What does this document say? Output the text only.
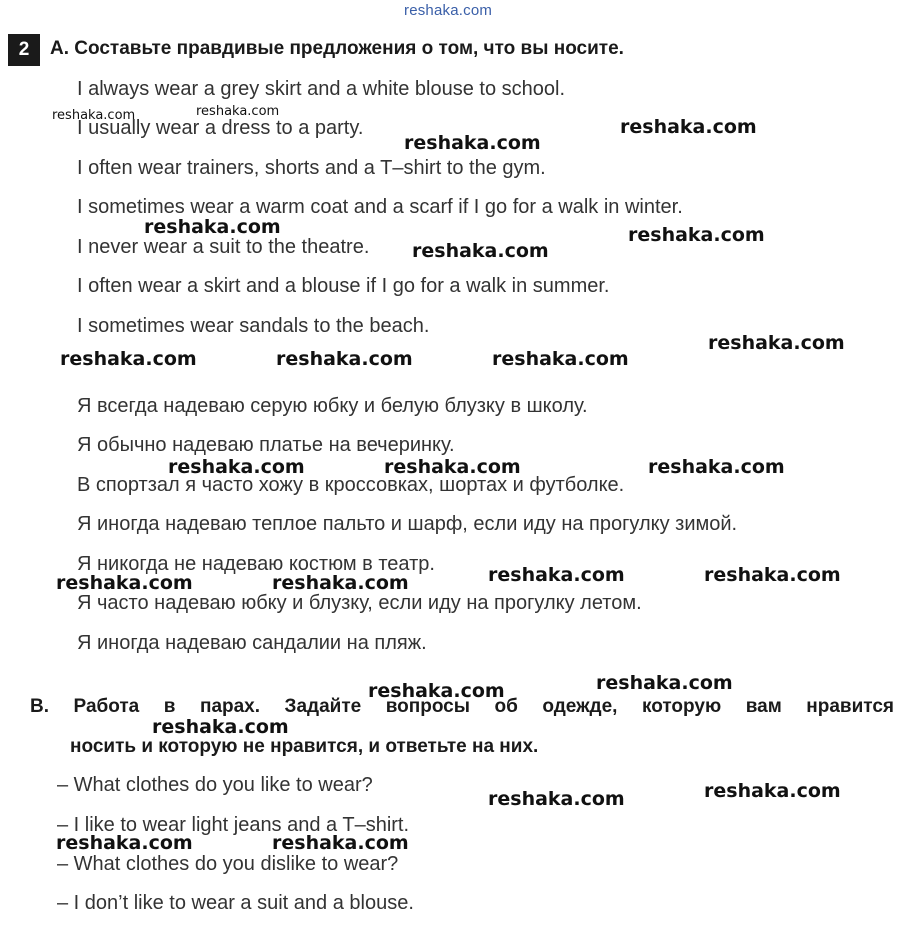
reshaka.com
2	А. Составьте правдивые предложения о том, что вы носите.
I always wear a grey skirt and a white blouse to school.
I usually wear a dress to a party.
I often wear trainers, shorts and a T–shirt to the gym.
I sometimes wear a warm coat and a scarf if I go for a walk in winter.
I never wear a suit to the theatre.
I often wear a skirt and a blouse if I go for a walk in summer.
I sometimes wear sandals to the beach.
Я всегда надеваю серую юбку и белую блузку в школу.
Я обычно надеваю платье на вечеринку.
В спортзал я часто хожу в кроссовках, шортах и футболке.
Я иногда надеваю теплое пальто и шарф, если иду на прогулку зимой.
Я никогда не надеваю костюм в театр.
Я часто надеваю юбку и блузку, если иду на прогулку летом.
Я иногда надеваю сандалии на пляж.
В. Работа в парах. Задайте вопросы об одежде, которую вам нравится
носить и которую не нравится, и ответьте на них.
– What clothes do you like to wear?
– I like to wear light jeans and a T–shirt.
– What clothes do you dislike to wear?
– I don’t like to wear a suit and a blouse.
reshaka.com	reshaka.com
reshaka.com
reshaka.com
reshaka.com	reshaka.com
reshaka.com
reshaka.com
reshaka.com	reshaka.com	reshaka.com
reshaka.com	reshaka.com	reshaka.com
reshaka.com	reshaka.com
reshaka.com	reshaka.com
reshaka.com
reshaka.com
reshaka.com
reshaka.com
reshaka.com
reshaka.com	reshaka.com
